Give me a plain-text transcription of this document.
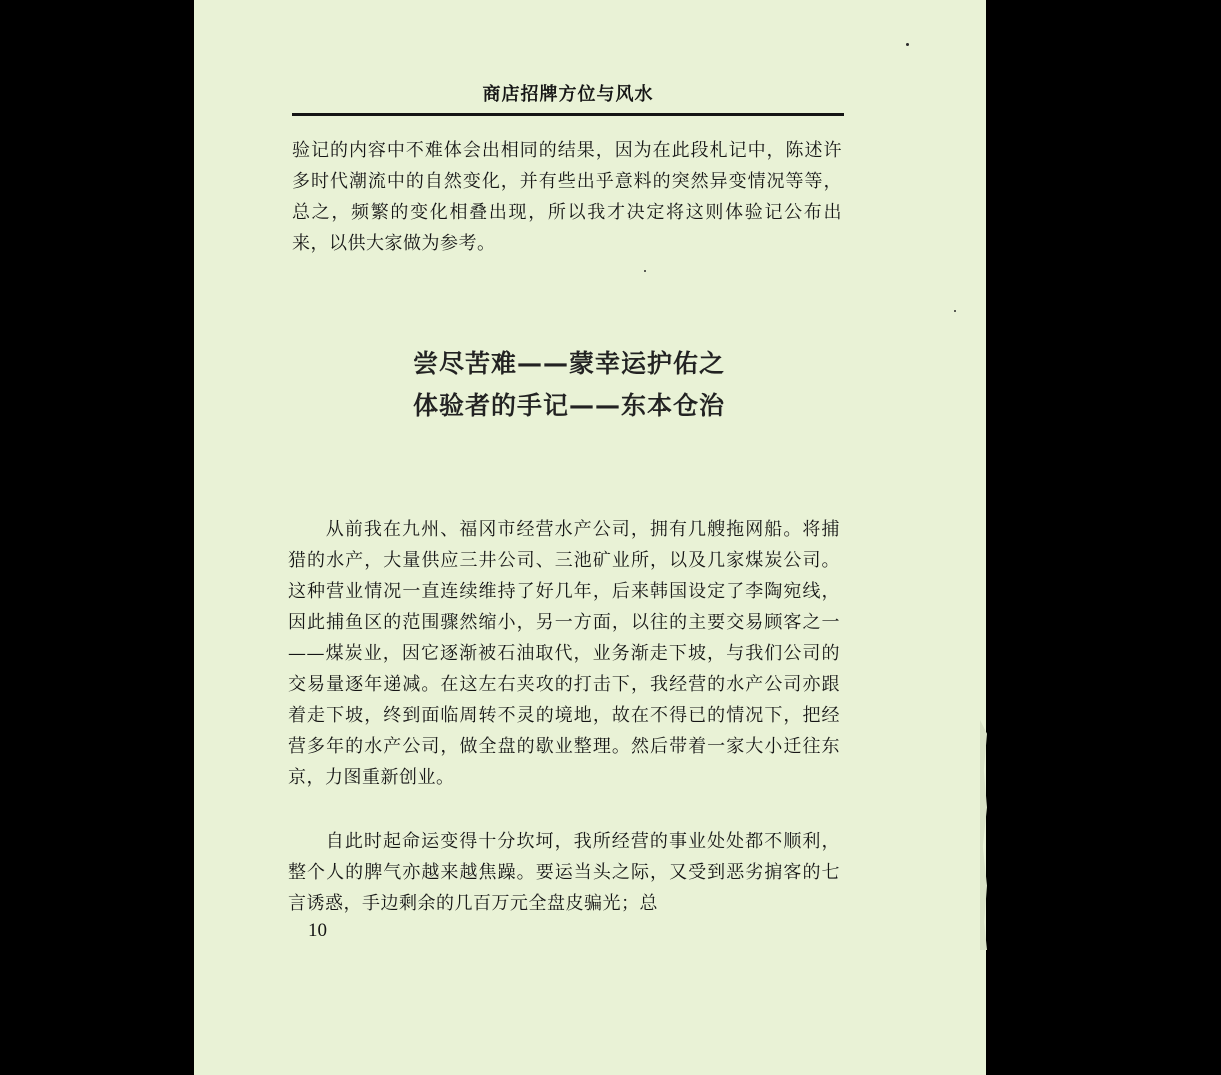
商店招牌方位与风水

验记的内容中不难体会出相同的结果，因为在此段札记中，陈述许多时代潮流中的自然变化，并有些出乎意料的突然异变情况等等，总之，频繁的变化相叠出现，所以我才决定将这则体验记公布出来，以供大家做为参考。

尝尽苦难——蒙幸运护佑之
体验者的手记——东本仓治

从前我在九州、福冈市经营水产公司，拥有几艘拖网船。将捕猎的水产，大量供应三井公司、三池矿业所，以及几家煤炭公司。这种营业情况一直连续维持了好几年，后来韩国设定了李陶宛线，因此捕鱼区的范围骤然缩小，另一方面，以往的主要交易顾客之一——煤炭业，因它逐渐被石油取代，业务渐走下坡，与我们公司的交易量逐年递减。在这左右夹攻的打击下，我经营的水产公司亦跟着走下坡，终到面临周转不灵的境地，故在不得已的情况下，把经营多年的水产公司，做全盘的歇业整理。然后带着一家大小迁往东京，力图重新创业。

自此时起命运变得十分坎坷，我所经营的事业处处都不顺利，整个人的脾气亦越来越焦躁。要运当头之际，又受到恶劣掮客的七言诱惑，手边剩余的几百万元全盘皮骗光；总

10
